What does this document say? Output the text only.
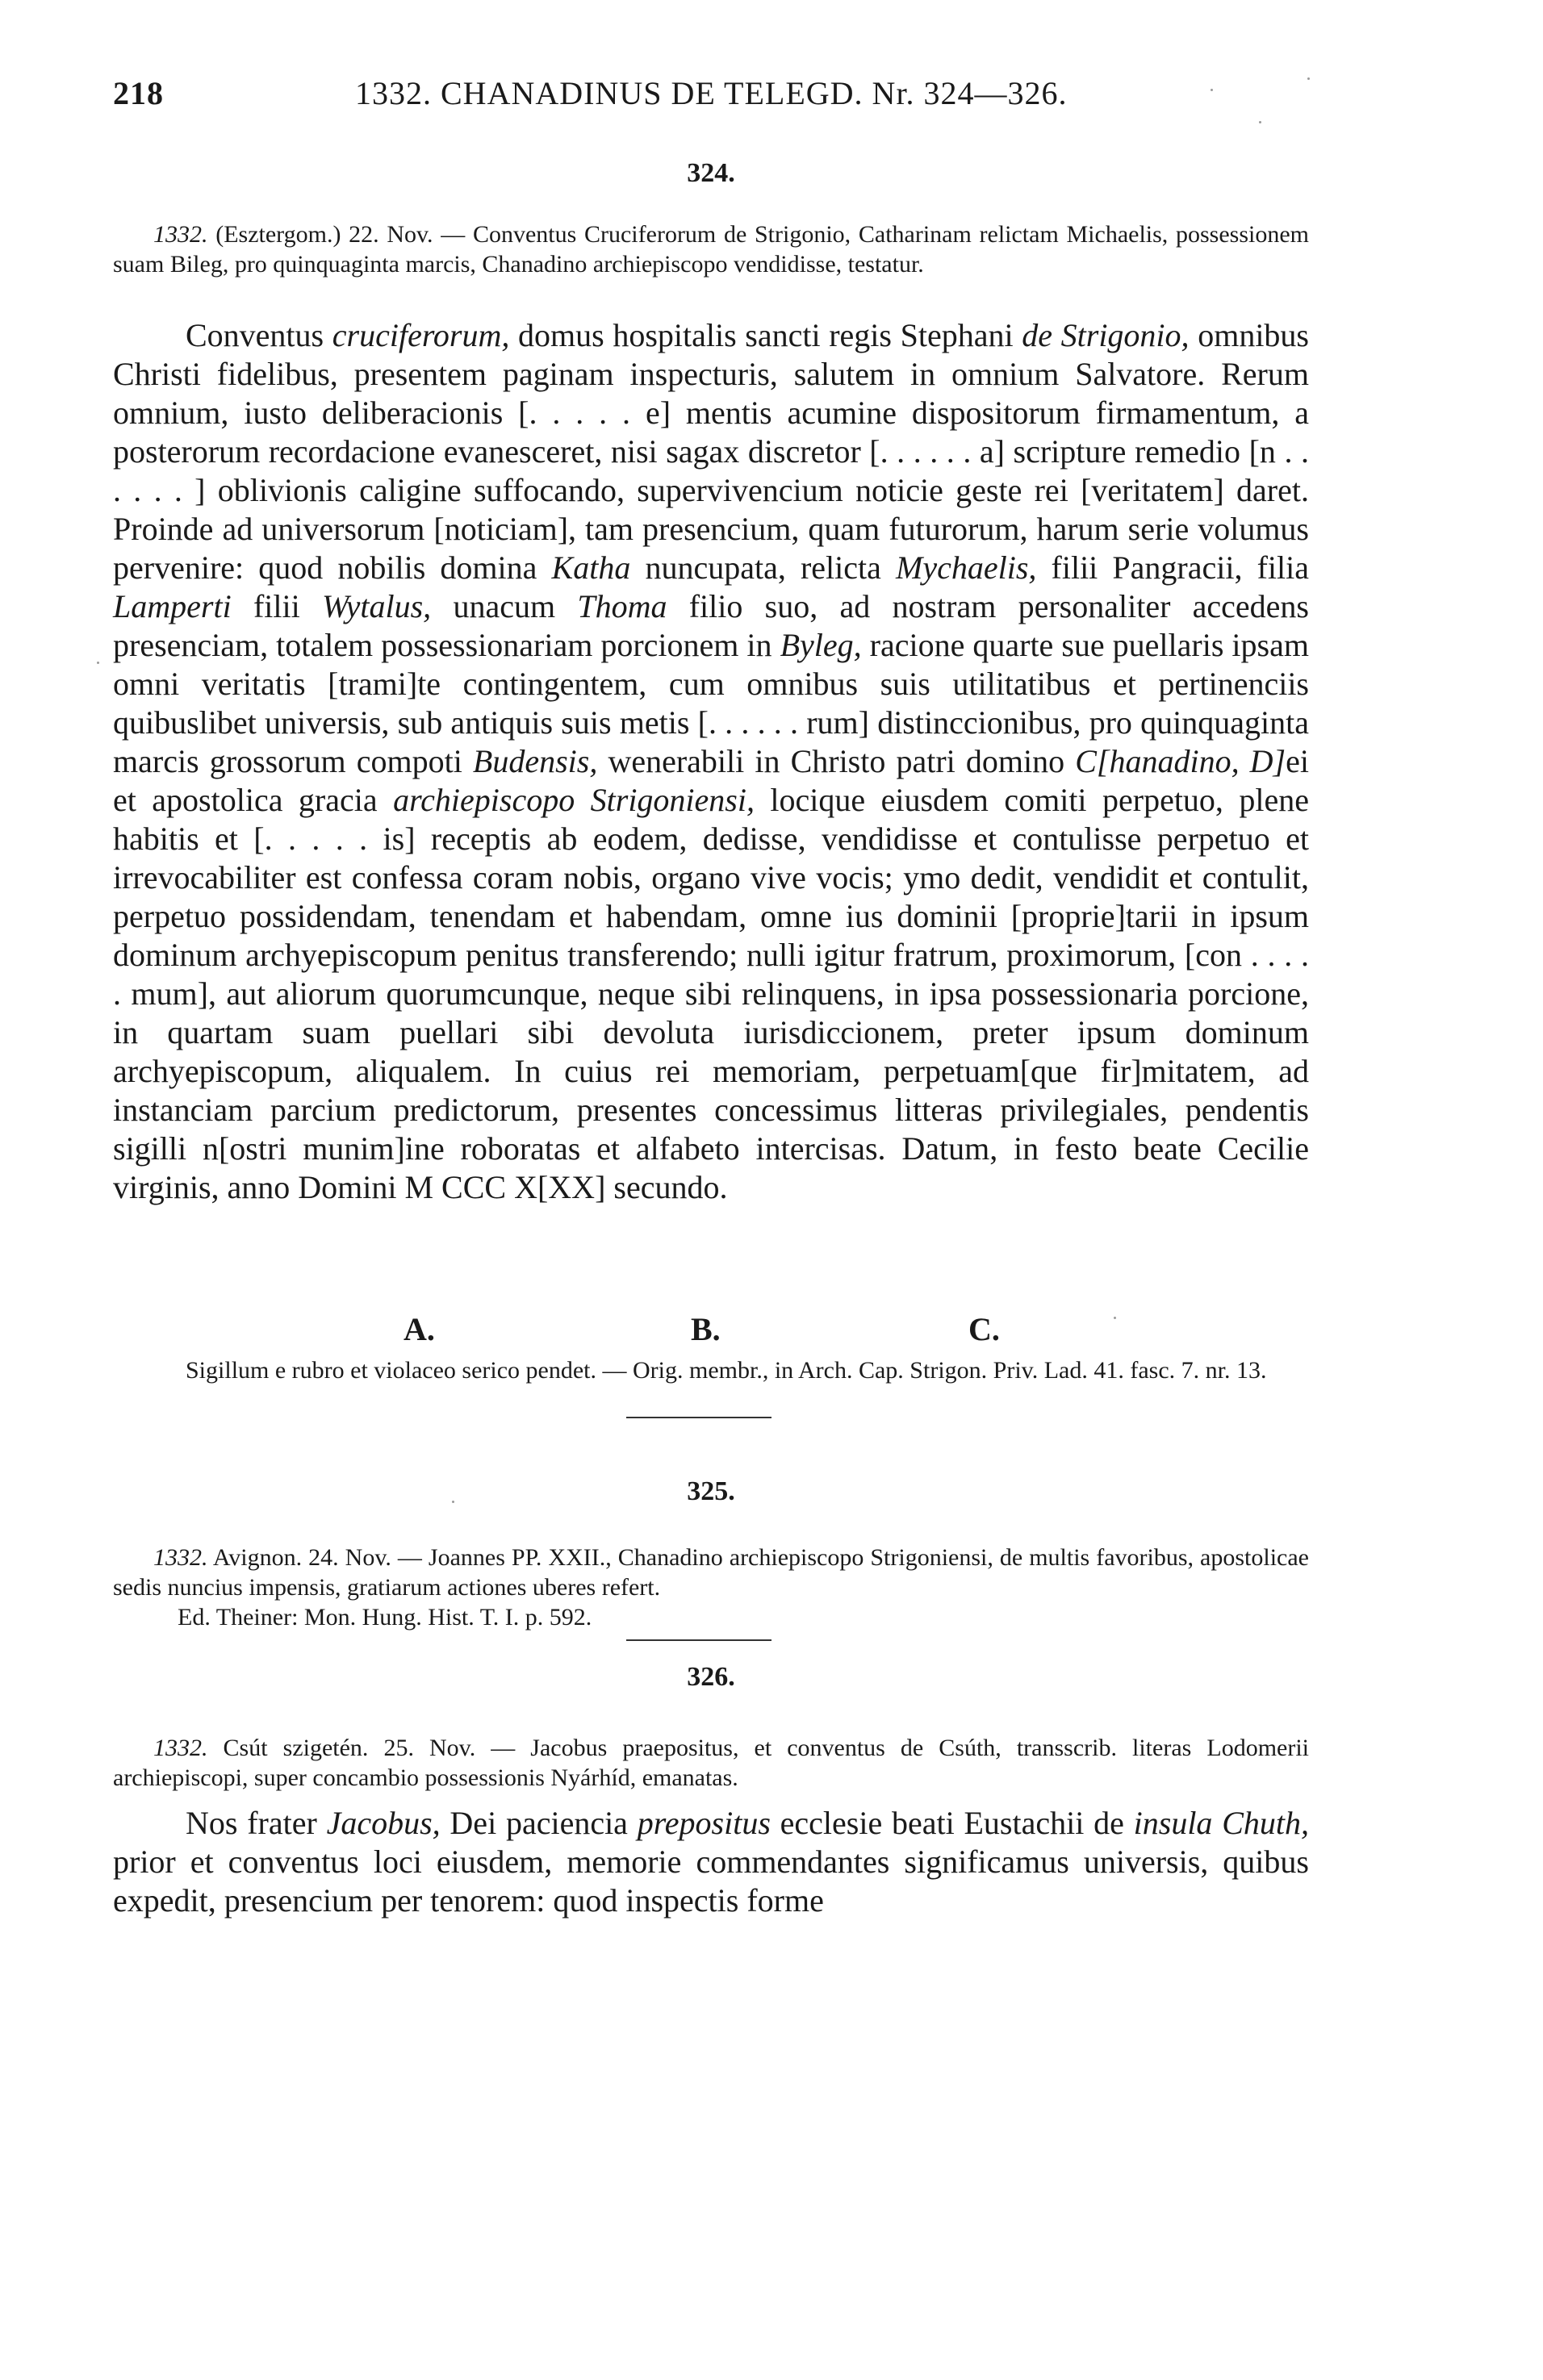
218	1332. CHANADINUS DE TELEGD. Nr. 324—326.

324.

1332. (Esztergom.) 22. Nov. — Conventus Cruciferorum de Strigonio, Catharinam relictam Michaelis, possessionem suam Bileg, pro quinquaginta marcis, Chanadino archiepiscopo vendidisse, testatur.

Conventus cruciferorum, domus hospitalis sancti regis Stephani de Strigonio, omnibus Christi fidelibus, presentem paginam inspecturis, salutem in omnium Salvatore. Rerum omnium, iusto deliberacionis [. . . . . e] mentis acumine dispositorum firmamentum, a posterorum recordacione evanesceret, nisi sagax discretor [. . . . . . a] scripture remedio [n . . . . . . ] oblivionis caligine suffocando, supervivencium noticie geste rei [veritatem] daret. Proinde ad universorum [noticiam], tam presencium, quam futurorum, harum serie volumus pervenire: quod nobilis domina Katha nuncupata, relicta Mychaelis, filii Pangracii, filia Lamperti filii Wytalus, unacum Thoma filio suo, ad nostram personaliter accedens presenciam, totalem possessionariam porcionem in Byleg, racione quarte sue puellaris ipsam omni veritatis [trami]te contingentem, cum omnibus suis utilitatibus et pertinenciis quibuslibet universis, sub antiquis suis metis [. . . . . . rum] distinccionibus, pro quinquaginta marcis grossorum compoti Budensis, wenerabili in Christo patri domino C[hanadino, D]ei et apostolica gracia archiepiscopo Strigoniensi, locique eiusdem comiti perpetuo, plene habitis et [. . . . . is] receptis ab eodem, dedisse, vendidisse et contulisse perpetuo et irrevocabiliter est confessa coram nobis, organo vive vocis; ymo dedit, vendidit et contulit, perpetuo possidendam, tenendam et habendam, omne ius dominii [proprie]tarii in ipsum dominum archyepiscopum penitus transferendo; nulli igitur fratrum, proximorum, [con . . . . . mum], aut aliorum quorumcunque, neque sibi relinquens, in ipsa possessionaria porcione, in quartam suam puellari sibi devoluta iurisdiccionem, preter ipsum dominum archyepiscopum, aliqualem. In cuius rei memoriam, perpetuam[que fir]mitatem, ad instanciam parcium predictorum, presentes concessimus litteras privilegiales, pendentis sigilli n[ostri munim]ine roboratas et alfabeto intercisas. Datum, in festo beate Cecilie virginis, anno Domini M CCC X[XX] secundo.

A.	B.	C.

Sigillum e rubro et violaceo serico pendet. — Orig. membr., in Arch. Cap. Strigon. Priv. Lad. 41. fasc. 7. nr. 13.

325.

1332. Avignon. 24. Nov. — Joannes PP. XXII., Chanadino archiepiscopo Strigoniensi, de multis favoribus, apostolicae sedis nuncius impensis, gratiarum actiones uberes refert.

Ed. Theiner: Mon. Hung. Hist. T. I. p. 592.

326.

1332. Csút szigetén. 25. Nov. — Jacobus praepositus, et conventus de Csúth, transscrib. literas Lodomerii archiepiscopi, super concambio possessionis Nyárhíd, emanatas.

Nos frater Jacobus, Dei paciencia prepositus ecclesie beati Eustachii de insula Chuth, prior et conventus loci eiusdem, memorie commendantes significamus universis, quibus expedit, presencium per tenorem: quod inspectis forme
